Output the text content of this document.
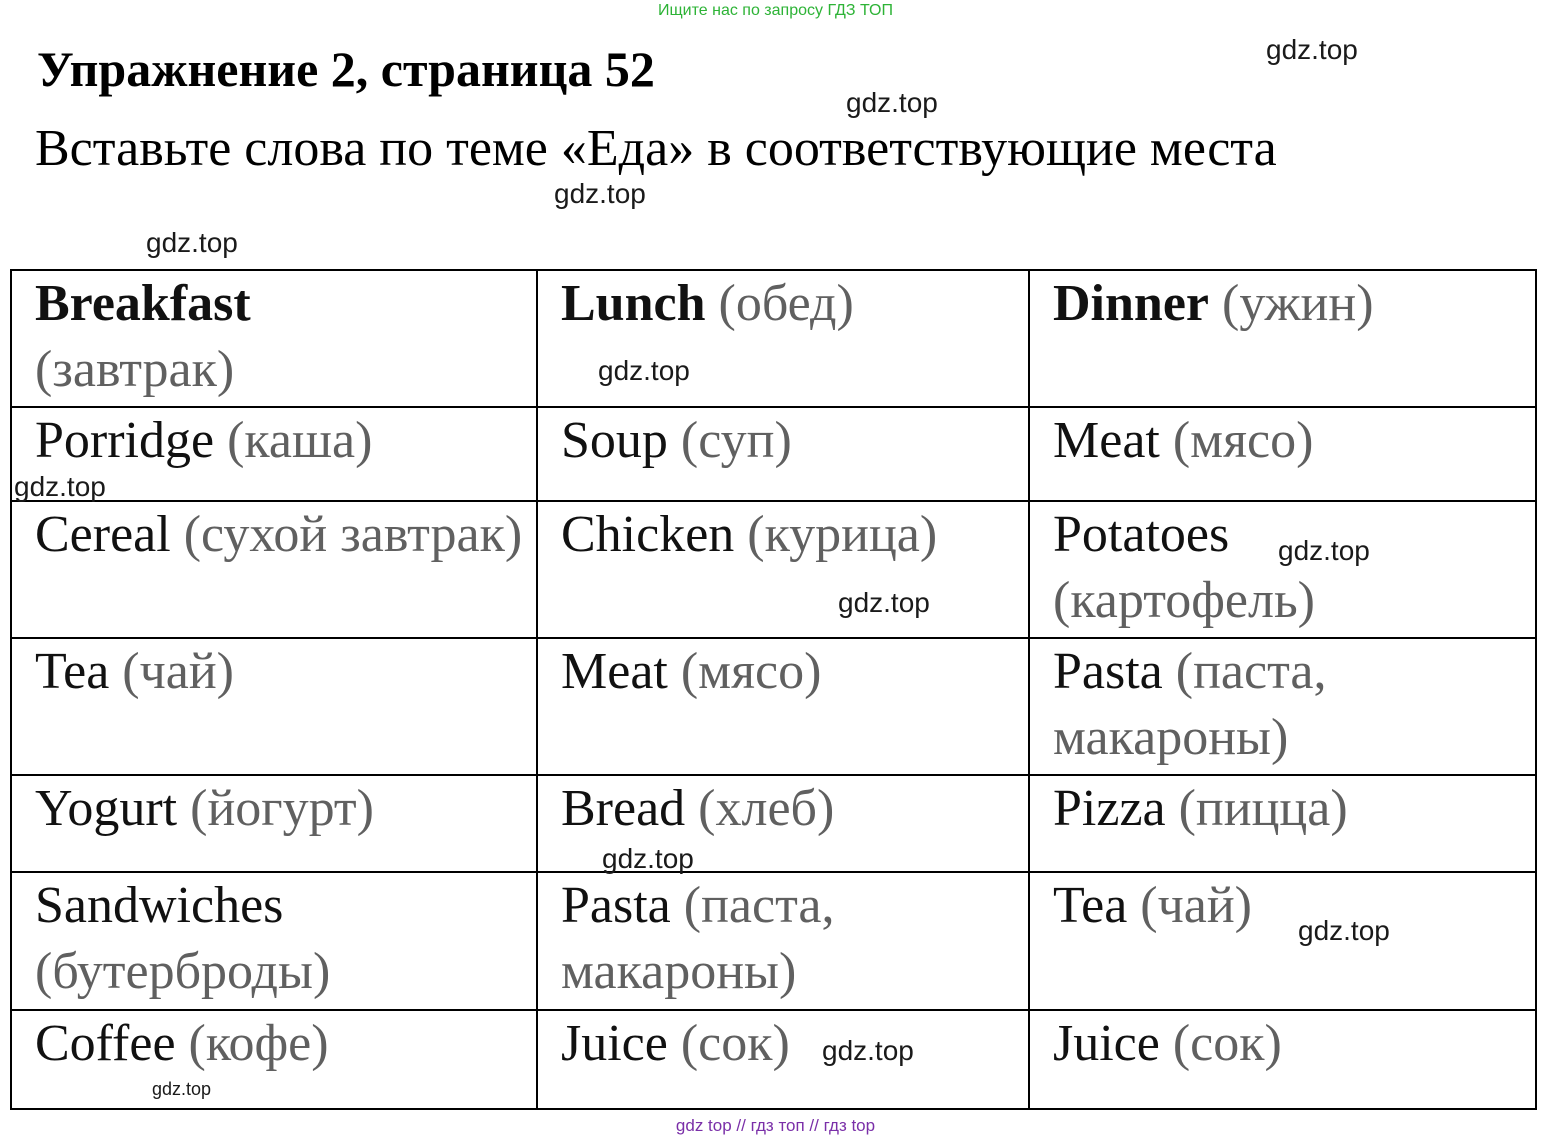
Ищите нас по запросу ГДЗ ТОП
Упражнение 2, страница 52

Вставьте слова по теме «Еда» в соответствующие места

Breakfast
(завтрак)	Lunch (обед)	Dinner (ужин)
Porridge (каша)	Soup (суп)	Meat (мясо)
Cereal (сухой завтрак)	Chicken (курица)	Potatoes
(картофель)
Tea (чай)	Meat (мясо)	Pasta (паста, макароны)
Yogurt (йогурт)	Bread (хлеб)	Pizza (пицца)
Sandwiches
(бутерброды)	Pasta (паста, макароны)	Tea (чай)
Coffee (кофе)	Juice (сок)	Juice (сок)
gdz.top
gdz.top
gdz.top
gdz.top
gdz.top
gdz.top
gdz.top
gdz.top
gdz.top
gdz.top
gdz.top
gdz.top
gdz top // гдз топ // гдз top
